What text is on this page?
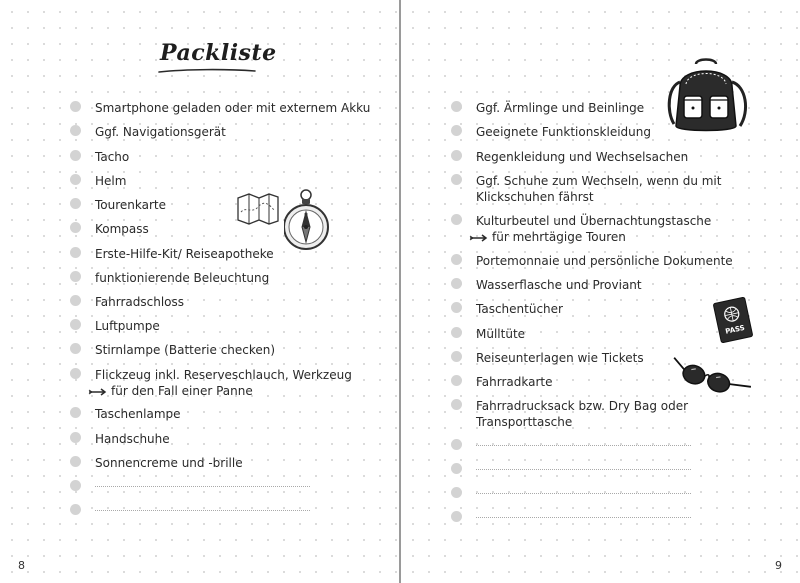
Packliste
Smartphone geladen oder mit externem Akku
Ggf. Navigationsgerät
Tacho
Helm
Tourenkarte
Kompass
Erste-Hilfe-Kit/ Reiseapotheke
funktionierende Beleuchtung
Fahrradschloss
Luftpumpe
Stirnlampe (Batterie checken)
Flickzeug inkl. Reserveschlauch, Werkzeug
für den Fall einer Panne
Taschenlampe
Handschuhe
Sonnencreme und -brille
N
8
Ggf. Ärmlinge und Beinlinge
Geeignete Funktionskleidung
Regenkleidung und Wechselsachen
Ggf. Schuhe zum Wechseln, wenn du mit
Klickschuhen fährst
Kulturbeutel und Übernachtungstasche
für mehrtägige Touren
Portemonnaie und persönliche Dokumente
Wasserflasche und Proviant
Taschentücher
Mülltüte
Reiseunterlagen wie Tickets
Fahrradkarte
Fahrradrucksack bzw. Dry Bag oder
Transporttasche
PASS
9
